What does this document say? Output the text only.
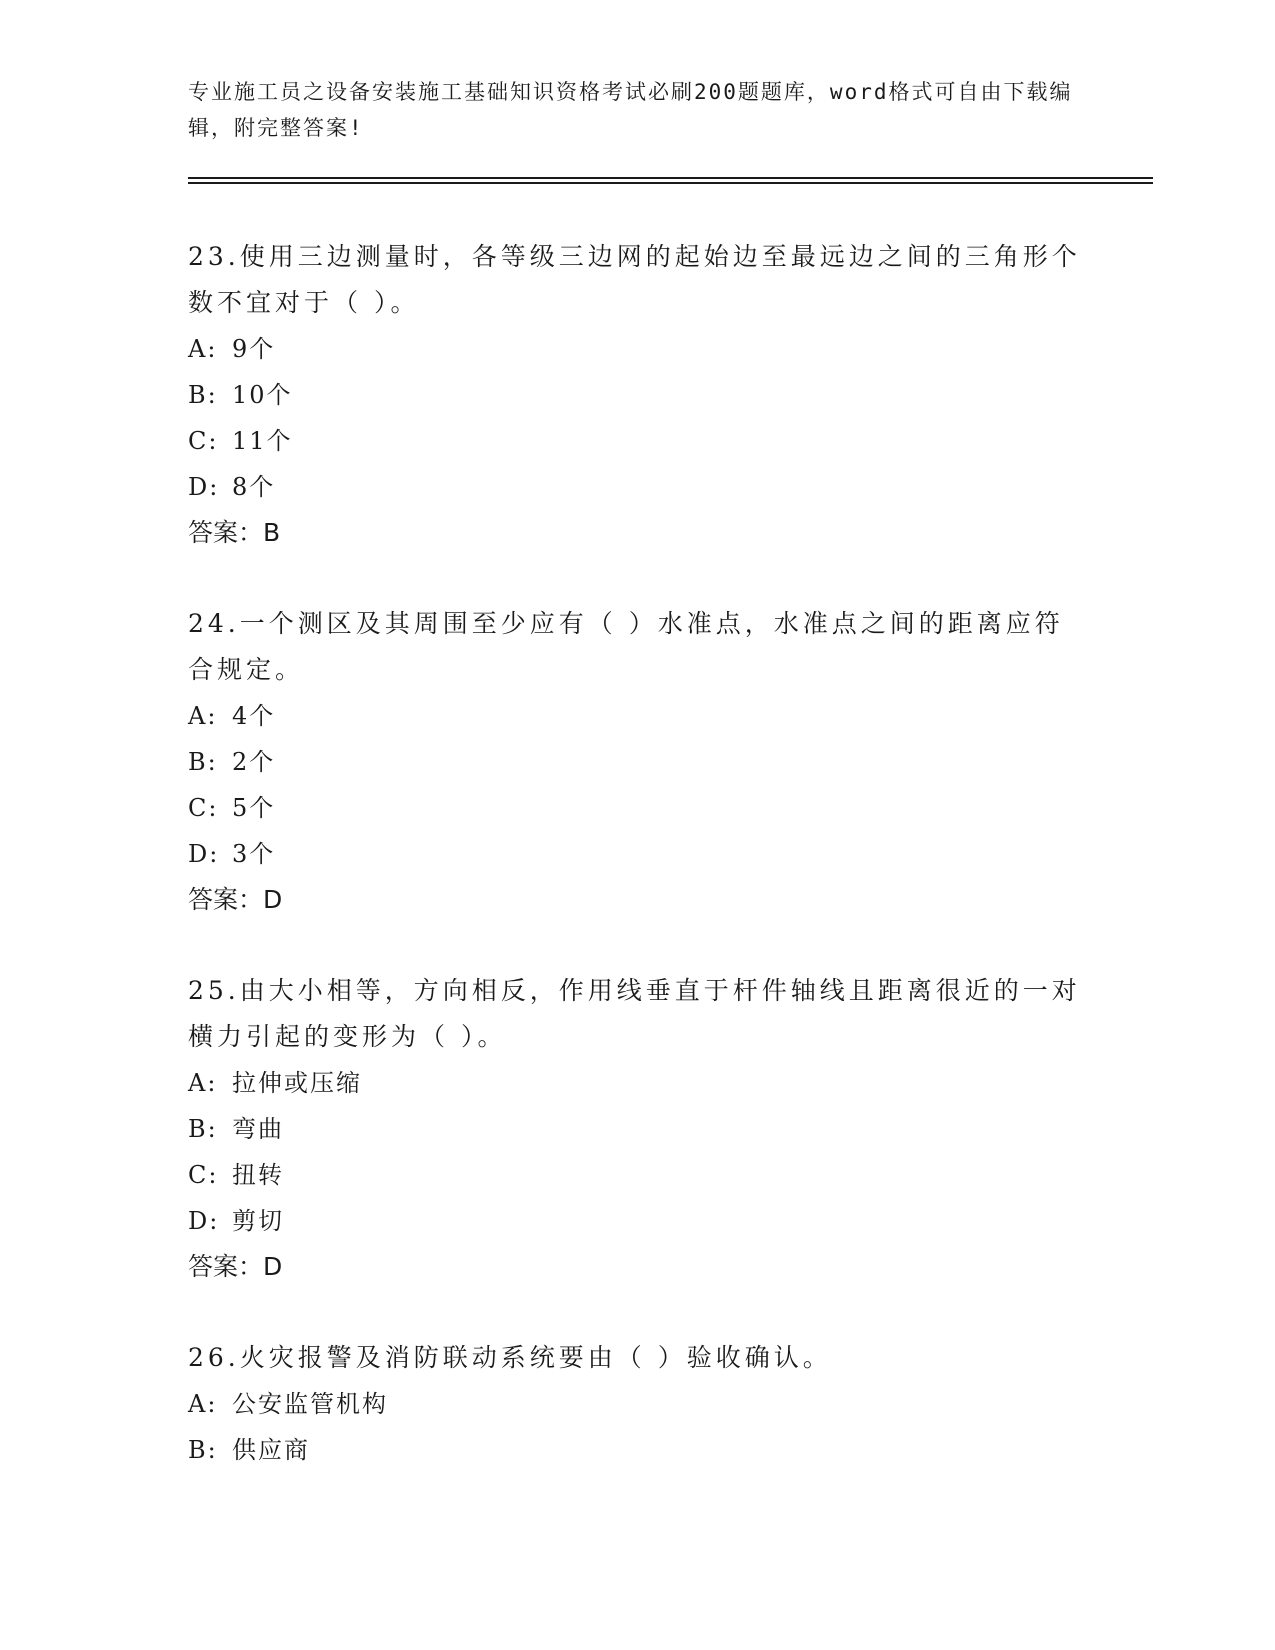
专业施工员之设备安装施工基础知识资格考试必刷200题题库，word格式可自由下载编辑，附完整答案!

23.使用三边测量时，各等级三边网的起始边至最远边之间的三角形个数不宜对于（ ）。

A: 9个

B: 10个

C: 11个

D: 8个

答案：B

24.一个测区及其周围至少应有（ ）水准点，水准点之间的距离应符合规定。

A: 4个

B: 2个

C: 5个

D: 3个

答案：D

25.由大小相等，方向相反，作用线垂直于杆件轴线且距离很近的一对横力引起的变形为（ ）。

A: 拉伸或压缩

B: 弯曲

C: 扭转

D: 剪切

答案：D

26.火灾报警及消防联动系统要由（ ）验收确认。

A: 公安监管机构

B: 供应商
